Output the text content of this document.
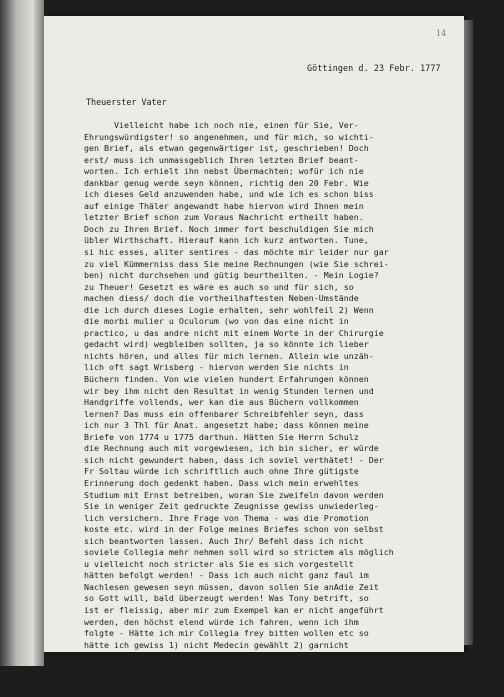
14
Göttingen d. 23 Febr. 1777
Theuerster Vater
Vielleicht habe ich noch nie, einen für Sie, Ver-
Ehrungswürdigster! so angenehmen, und für mich, so wichti-
gen Brief, als etwan gegenwärtiger ist, geschrieben! Doch
erst/ muss ich unmassgeblich Ihren letzten Brief beant-
worten. Ich erhielt ihn nebst Übermachten; wofür ich nie
dankbar genug werde seyn können, richtig den 20 Febr. Wie
ich dieses Geld anzuwenden habe, und wie ich es schon biss
auf einige Thäler angewandt habe hiervon wird Ihnen mein
letzter Brief schon zum Voraus Nachricht ertheilt haben.
Doch zu Ihren Brief. Noch immer fort beschuldigen Sie mich
übler Wirthschaft. Hierauf kann ich kurz antworten. Tune,
si hic esses, aliter sentires - das möchte mir leider nur gar
zu viel Kümmerniss dass Sie meine Rechnungen (wie Sie schrei-
ben) nicht durchsehen und gütig beurtheilten. - Mein Logie?
zu Theuer! Gesetzt es wäre es auch so und für sich, so
machen diess/ doch die vortheilhaftesten Neben-Umstände
die ich durch dieses Logie erhalten, sehr wohlfeil 2) Wenn
die morbi mulier u Oculorum (wo von das eine nicht in
practico, u das andre nicht mit einem Worte in der Chirurgie
gedacht wird) wegbleiben sollten, ja so könnte ich lieber
nichts hören, und alles für mich lernen. Allein wie unzäh-
lich oft sagt Wrisberg - hiervon werden Sie nichts in
Büchern finden. Von wie vielen hundert Erfahrungen können
wir bey ihm nicht den Resultat in wenig Stunden lernen und
Handgriffe vollends, wer kan die aus Büchern vollkommen
lernen? Das muss ein offenbarer Schreibfehler seyn, dass
ich nur 3 Thl für Anat. angesetzt habe; dass können meine
Briefe von 1774 u 1775 darthun. Hätten Sie Herrn Schulz
die Rechnung auch mit vorgewiesen, ich bin sicher, er würde
sich nicht gewundert haben, dass ich soviel verthätet! - Der
Fr Soltau würde ich schriftlich auch ohne Ihre gütigste
Erinnerung doch gedenkt haben. Dass wich mein erwehltes
Studium mit Ernst betreiben, woran Sie zweifeln davon werden
Sie in weniger Zeit gedruckte Zeugnisse gewiss unwiederleg-
lich versichern. Ihre Frage von Thema - was die Promotion
koste etc. wird in der Folge meines Briefes schon von selbst
sich beantworten lassen. Auch Ihr/ Befehl dass ich nicht
soviele Collegia mehr nehmen soll wird so strictem als möglich
u vielleicht noch stricter als Sie es sich vorgestellt
hätten befolgt werden! - Dass ich auch nicht ganz faul im
Nachlesen gewesen seyn müssen, davon sollen Sie anAdie Zeit
so Gott will, bald überzeugt werden! Was Tony betrift, so
ist er fleissig, aber mir zum Exempel kan er nicht angeführt
werden, den höchst elend würde ich fahren, wenn ich ihm
folgte - Hätte ich mir Collegia frey bitten wollen etc so
hätte ich gewiss 1) nicht Medecin gewählt 2) garnicht
studiert sondern hätte auf eine andre mein Glück versucht.
3) Just G. würde ich nicht um Akademisch Leben gewählt haben,
wo das Principium allgemein herrschet (wie Sie auch aus
Michaelis Raisonnement über die protest. Univ. ersehen können)
